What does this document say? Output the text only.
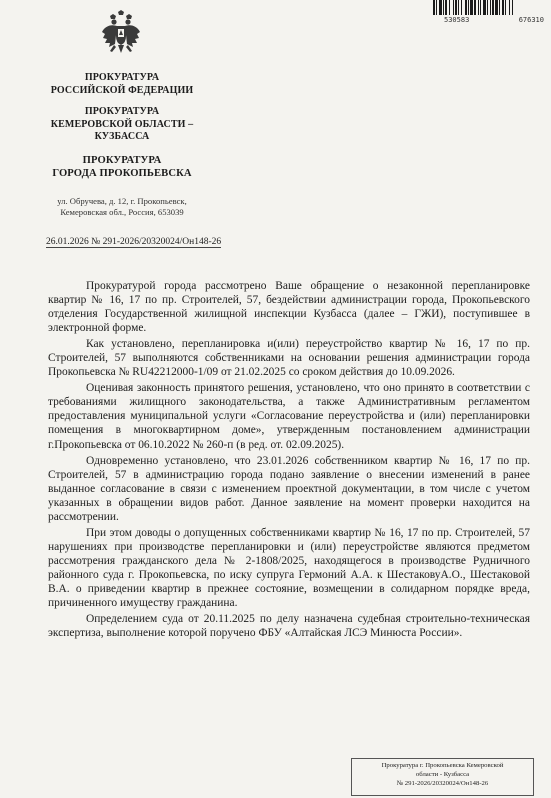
530583	676310
ПРОКУРАТУРА
РОССИЙСКОЙ ФЕДЕРАЦИИ
ПРОКУРАТУРА
КЕМЕРОВСКОЙ ОБЛАСТИ –
КУЗБАССА
ПРОКУРАТУРА
ГОРОДА ПРОКОПЬЕВСКА
ул. Обручева, д. 12, г. Прокопьевск,
Кемеровская обл., Россия, 653039
26.01.2026 № 291-2026/20320024/Он148-26

Прокуратурой города рассмотрено Ваше обращение о незаконной перепланировке квартир № 16, 17 по пр. Строителей, 57, бездействии администрации города, Прокопьевского отделения Государственной жилищной инспекции Кузбасса (далее – ГЖИ), поступившее в электронной форме.

Как установлено, перепланировка и(или) переустройство квартир № 16, 17 по пр. Строителей, 57 выполняются собственниками на основании решения администрации города Прокопьевска № RU42212000-1/09 от 21.02.2025 со сроком действия до 10.09.2026.

Оценивая законность принятого решения, установлено, что оно принято в соответствии с требованиями жилищного законодательства, а также Административным регламентом предоставления муниципальной услуги «Согласование переустройства и (или) перепланировки помещения в многоквартирном доме», утвержденным постановлением администрации г.Прокопьевска от 06.10.2022 № 260-п (в ред. от. 02.09.2025).

Одновременно установлено, что 23.01.2026 собственником квартир № 16, 17 по пр. Строителей, 57 в администрацию города подано заявление о внесении изменений в ранее выданное согласование в связи с изменением проектной документации, в том числе с учетом указанных в обращении видов работ. Данное заявление на момент проверки находится на рассмотрении.

При этом доводы о допущенных собственниками квартир № 16, 17 по пр. Строителей, 57 нарушениях при производстве перепланировки и (или) переустройстве являются предметом рассмотрения гражданского дела № 2-1808/2025, находящегося в производстве Рудничного районного суда г. Прокопьевска, по иску супруга Гермоний А.А. к ШестаковуА.О., Шестаковой В.А. о приведении квартир в прежнее состояние, возмещении в солидарном порядке вреда, причиненного имуществу гражданина.

Определением суда от 20.11.2025 по делу назначена судебная строительно-техническая экспертиза, выполнение которой поручено ФБУ «Алтайская ЛСЭ Минюста России».

Прокуратура г. Прокопьевска Кемеровской
области - Кузбасса
№ 291-2026/20320024/Он148-26
